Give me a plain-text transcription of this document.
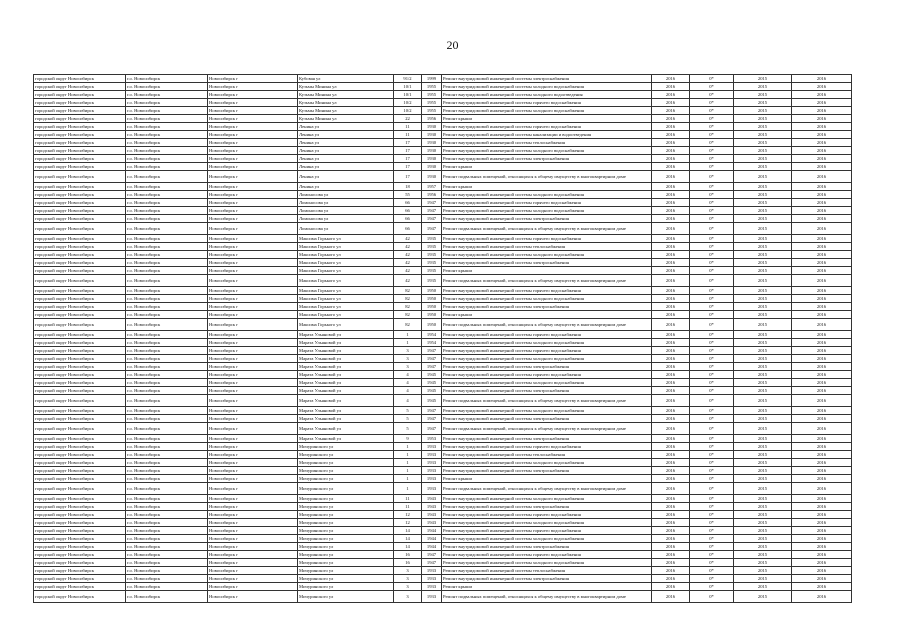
20
городской округ Новосибирск	г.о. Новосибирск	Новосибирск г	Кубовая ул	91/2	1999	Ремонт внутридомовой инженерной системы электроснабжения	2016	0*	2015	2016
городской округ Новосибирск	г.о. Новосибирск	Новосибирск г	Кузьмы Минина ул	10/1	1955	Ремонт внутридомовой инженерной системы холодного водоснабжения	2016	0*	2015	2016
городской округ Новосибирск	г.о. Новосибирск	Новосибирск г	Кузьмы Минина ул	10/1	1955	Ремонт внутридомовой инженерной системы холодного водоотведения	2016	0*	2015	2016
городской округ Новосибирск	г.о. Новосибирск	Новосибирск г	Кузьмы Минина ул	10/2	1955	Ремонт внутридомовой инженерной системы горячего водоснабжения	2016	0*	2015	2016
городской округ Новосибирск	г.о. Новосибирск	Новосибирск г	Кузьмы Минина ул	10/2	1955	Ремонт внутридомовой инженерной системы холодного водоснабжения	2016	0*	2015	2016
городской округ Новосибирск	г.о. Новосибирск	Новосибирск г	Кузьмы Минина ул	22	1956	Ремонт крыши	2016	0*	2015	2016
городской округ Новосибирск	г.о. Новосибирск	Новосибирск г	Ленина ул	11	1930	Ремонт внутридомовой инженерной системы горячего водоснабжения	2016	0*	2015	2016
городской округ Новосибирск	г.о. Новосибирск	Новосибирск г	Ленина ул	11	1930	Ремонт внутридомовой инженерной системы канализации и водоотведения	2016	0*	2015	2016
городской округ Новосибирск	г.о. Новосибирск	Новосибирск г	Ленина ул	17	1930	Ремонт внутридомовой инженерной системы теплоснабжения	2016	0*	2015	2016
городской округ Новосибирск	г.о. Новосибирск	Новосибирск г	Ленина ул	17	1930	Ремонт внутридомовой инженерной системы холодного водоснабжения	2016	0*	2015	2016
городской округ Новосибирск	г.о. Новосибирск	Новосибирск г	Ленина ул	17	1930	Ремонт внутридомовой инженерной системы электроснабжения	2016	0*	2015	2016
городской округ Новосибирск	г.о. Новосибирск	Новосибирск г	Ленина ул	17	1930	Ремонт крыши	2016	0*	2015	2016
городской округ Новосибирск	г.о. Новосибирск	Новосибирск г	Ленина ул	17	1930	Ремонт подвальных помещений, относящихся к общему имуществу в многоквартирном доме	2016	0*	2015	2016
городской округ Новосибирск	г.о. Новосибирск	Новосибирск г	Ленина ул	18	1957	Ремонт крыши	2016	0*	2015	2016
городской округ Новосибирск	г.о. Новосибирск	Новосибирск г	Ломоносова ул	55	1956	Ремонт внутридомовой инженерной системы холодного водоснабжения	2016	0*	2015	2016
городской округ Новосибирск	г.о. Новосибирск	Новосибирск г	Ломоносова ул	66	1947	Ремонт внутридомовой инженерной системы горячего водоснабжения	2016	0*	2015	2016
городской округ Новосибирск	г.о. Новосибирск	Новосибирск г	Ломоносова ул	66	1947	Ремонт внутридомовой инженерной системы холодного водоснабжения	2016	0*	2015	2016
городской округ Новосибирск	г.о. Новосибирск	Новосибирск г	Ломоносова ул	66	1947	Ремонт внутридомовой инженерной системы электроснабжения	2016	0*	2015	2016
городской округ Новосибирск	г.о. Новосибирск	Новосибирск г	Ломоносова ул	66	1947	Ремонт подвальных помещений, относящихся к общему имуществу в многоквартирном доме	2016	0*	2015	2016
городской округ Новосибирск	г.о. Новосибирск	Новосибирск г	Максима Горького ул	42	1935	Ремонт внутридомовой инженерной системы горячего водоснабжения	2016	0*	2015	2016
городской округ Новосибирск	г.о. Новосибирск	Новосибирск г	Максима Горького ул	42	1935	Ремонт внутридомовой инженерной системы теплоснабжения	2016	0*	2015	2016
городской округ Новосибирск	г.о. Новосибирск	Новосибирск г	Максима Горького ул	42	1935	Ремонт внутридомовой инженерной системы холодного водоснабжения	2016	0*	2015	2016
городской округ Новосибирск	г.о. Новосибирск	Новосибирск г	Максима Горького ул	42	1935	Ремонт внутридомовой инженерной системы электроснабжения	2016	0*	2015	2016
городской округ Новосибирск	г.о. Новосибирск	Новосибирск г	Максима Горького ул	42	1935	Ремонт крыши	2016	0*	2015	2016
городской округ Новосибирск	г.о. Новосибирск	Новосибирск г	Максима Горького ул	42	1935	Ремонт подвальных помещений, относящихся к общему имуществу в многоквартирном доме	2016	0*	2015	2016
городской округ Новосибирск	г.о. Новосибирск	Новосибирск г	Максима Горького ул	82	1950	Ремонт внутридомовой инженерной системы горячего водоснабжения	2016	0*	2015	2016
городской округ Новосибирск	г.о. Новосибирск	Новосибирск г	Максима Горького ул	82	1950	Ремонт внутридомовой инженерной системы холодного водоснабжения	2016	0*	2015	2016
городской округ Новосибирск	г.о. Новосибирск	Новосибирск г	Максима Горького ул	82	1950	Ремонт внутридомовой инженерной системы электроснабжения	2016	0*	2015	2016
городской округ Новосибирск	г.о. Новосибирск	Новосибирск г	Максима Горького ул	82	1950	Ремонт крыши	2016	0*	2015	2016
городской округ Новосибирск	г.о. Новосибирск	Новосибирск г	Максима Горького ул	82	1950	Ремонт подвальных помещений, относящихся к общему имуществу в многоквартирном доме	2016	0*	2015	2016
городской округ Новосибирск	г.о. Новосибирск	Новосибирск г	Марата Ульяновой ул	1	1954	Ремонт внутридомовой инженерной системы горячего водоснабжения	2016	0*	2015	2016
городской округ Новосибирск	г.о. Новосибирск	Новосибирск г	Марата Ульяновой ул	1	1954	Ремонт внутридомовой инженерной системы холодного водоснабжения	2016	0*	2015	2016
городской округ Новосибирск	г.о. Новосибирск	Новосибирск г	Марата Ульяновой ул	3	1947	Ремонт внутридомовой инженерной системы горячего водоснабжения	2016	0*	2015	2016
городской округ Новосибирск	г.о. Новосибирск	Новосибирск г	Марата Ульяновой ул	3	1947	Ремонт внутридомовой инженерной системы холодного водоснабжения	2016	0*	2015	2016
городской округ Новосибирск	г.о. Новосибирск	Новосибирск г	Марата Ульяновой ул	3	1947	Ремонт внутридомовой инженерной системы электроснабжения	2016	0*	2015	2016
городской округ Новосибирск	г.о. Новосибирск	Новосибирск г	Марата Ульяновой ул	4	1945	Ремонт внутридомовой инженерной системы горячего водоснабжения	2016	0*	2015	2016
городской округ Новосибирск	г.о. Новосибирск	Новосибирск г	Марата Ульяновой ул	4	1945	Ремонт внутридомовой инженерной системы холодного водоснабжения	2016	0*	2015	2016
городской округ Новосибирск	г.о. Новосибирск	Новосибирск г	Марата Ульяновой ул	4	1945	Ремонт внутридомовой инженерной системы электроснабжения	2016	0*	2015	2016
городской округ Новосибирск	г.о. Новосибирск	Новосибирск г	Марата Ульяновой ул	4	1945	Ремонт подвальных помещений, относящихся к общему имуществу в многоквартирном доме	2016	0*	2015	2016
городской округ Новосибирск	г.о. Новосибирск	Новосибирск г	Марата Ульяновой ул	5	1947	Ремонт внутридомовой инженерной системы холодного водоснабжения	2016	0*	2015	2016
городской округ Новосибирск	г.о. Новосибирск	Новосибирск г	Марата Ульяновой ул	5	1947	Ремонт внутридомовой инженерной системы электроснабжения	2016	0*	2015	2016
городской округ Новосибирск	г.о. Новосибирск	Новосибирск г	Марата Ульяновой ул	5	1947	Ремонт подвальных помещений, относящихся к общему имуществу в многоквартирном доме	2016	0*	2015	2016
городской округ Новосибирск	г.о. Новосибирск	Новосибирск г	Марата Ульяновой ул	9	1953	Ремонт внутридомовой инженерной системы электроснабжения	2016	0*	2015	2016
городской округ Новосибирск	г.о. Новосибирск	Новосибирск г	Мичуринского ул	1	1933	Ремонт внутридомовой инженерной системы горячего водоснабжения	2016	0*	2015	2016
городской округ Новосибирск	г.о. Новосибирск	Новосибирск г	Мичуринского ул	1	1933	Ремонт внутридомовой инженерной системы теплоснабжения	2016	0*	2015	2016
городской округ Новосибирск	г.о. Новосибирск	Новосибирск г	Мичуринского ул	1	1933	Ремонт внутридомовой инженерной системы холодного водоснабжения	2016	0*	2015	2016
городской округ Новосибирск	г.о. Новосибирск	Новосибирск г	Мичуринского ул	1	1933	Ремонт внутридомовой инженерной системы электроснабжения	2016	0*	2015	2016
городской округ Новосибирск	г.о. Новосибирск	Новосибирск г	Мичуринского ул	1	1933	Ремонт крыши	2016	0*	2015	2016
городской округ Новосибирск	г.о. Новосибирск	Новосибирск г	Мичуринского ул	1	1933	Ремонт подвальных помещений, относящихся к общему имуществу в многоквартирном доме	2016	0*	2015	2016
городской округ Новосибирск	г.о. Новосибирск	Новосибирск г	Мичуринского ул	11	1943	Ремонт внутридомовой инженерной системы холодного водоснабжения	2016	0*	2015	2016
городской округ Новосибирск	г.о. Новосибирск	Новосибирск г	Мичуринского ул	11	1943	Ремонт внутридомовой инженерной системы электроснабжения	2016	0*	2015	2016
городской округ Новосибирск	г.о. Новосибирск	Новосибирск г	Мичуринского ул	12	1943	Ремонт внутридомовой инженерной системы горячего водоснабжения	2016	0*	2015	2016
городской округ Новосибирск	г.о. Новосибирск	Новосибирск г	Мичуринского ул	12	1943	Ремонт внутридомовой инженерной системы холодного водоснабжения	2016	0*	2015	2016
городской округ Новосибирск	г.о. Новосибирск	Новосибирск г	Мичуринского ул	14	1944	Ремонт внутридомовой инженерной системы горячего водоснабжения	2016	0*	2015	2016
городской округ Новосибирск	г.о. Новосибирск	Новосибирск г	Мичуринского ул	14	1944	Ремонт внутридомовой инженерной системы холодного водоснабжения	2016	0*	2015	2016
городской округ Новосибирск	г.о. Новосибирск	Новосибирск г	Мичуринского ул	14	1944	Ремонт внутридомовой инженерной системы электроснабжения	2016	0*	2015	2016
городской округ Новосибирск	г.о. Новосибирск	Новосибирск г	Мичуринского ул	16	1947	Ремонт внутридомовой инженерной системы горячего водоснабжения	2016	0*	2015	2016
городской округ Новосибирск	г.о. Новосибирск	Новосибирск г	Мичуринского ул	16	1947	Ремонт внутридомовой инженерной системы холодного водоснабжения	2016	0*	2015	2016
городской округ Новосибирск	г.о. Новосибирск	Новосибирск г	Мичуринского ул	3	1933	Ремонт внутридомовой инженерной системы теплоснабжения	2016	0*	2015	2016
городской округ Новосибирск	г.о. Новосибирск	Новосибирск г	Мичуринского ул	3	1933	Ремонт внутридомовой инженерной системы электроснабжения	2016	0*	2015	2016
городской округ Новосибирск	г.о. Новосибирск	Новосибирск г	Мичуринского ул	3	1933	Ремонт крыши	2016	0*	2015	2016
городской округ Новосибирск	г.о. Новосибирск	Новосибирск г	Мичуринского ул	3	1933	Ремонт подвальных помещений, относящихся к общему имуществу в многоквартирном доме	2016	0*	2015	2016
